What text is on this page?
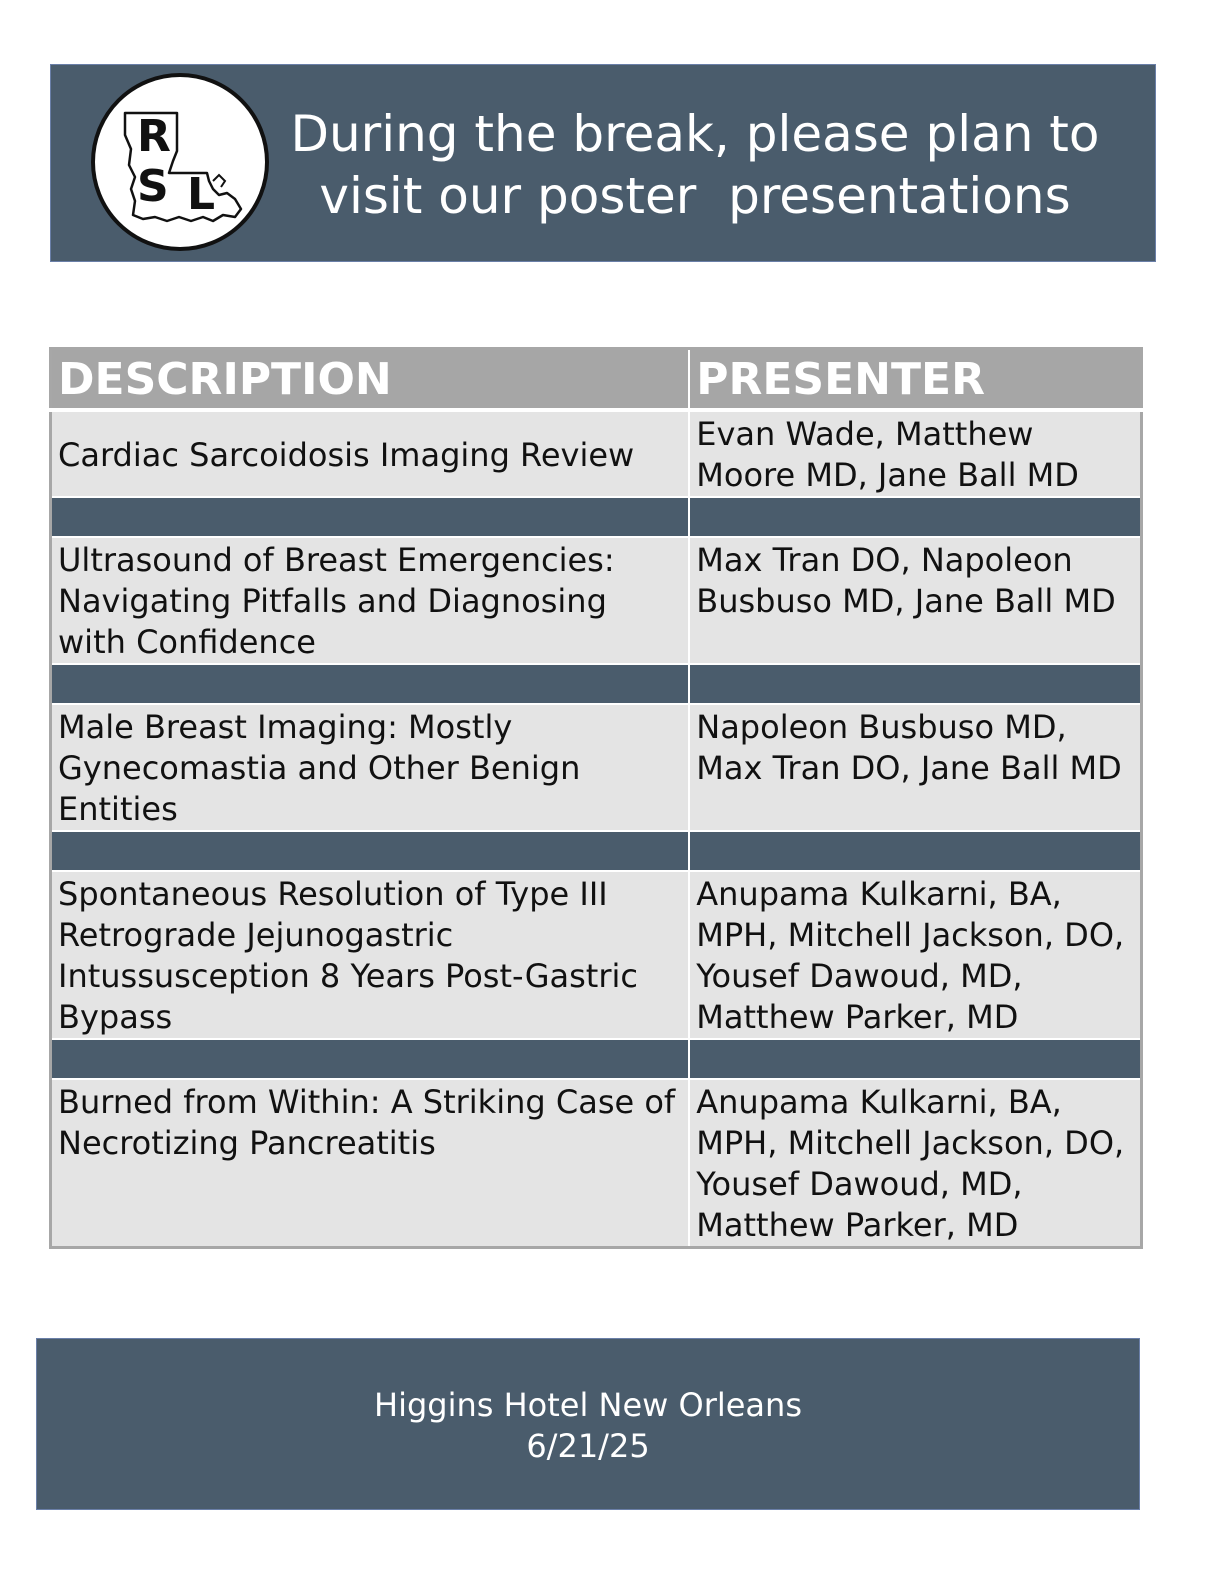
R
S L
During the break, please plan to
visit our poster  presentations
DESCRIPTION	PRESENTER
Cardiac Sarcoidosis Imaging Review	Evan Wade, Matthew Moore MD, Jane Ball MD

Ultrasound of Breast Emergencies: Navigating Pitfalls and Diagnosing with Confidence	Max Tran DO, Napoleon Busbuso MD, Jane Ball MD

Male Breast Imaging: Mostly Gynecomastia and Other Benign Entities	Napoleon Busbuso MD, Max Tran DO, Jane Ball MD

Spontaneous Resolution of Type III Retrograde Jejunogastric Intussusception 8 Years Post-Gastric Bypass	Anupama Kulkarni, BA, MPH, Mitchell Jackson, DO, Yousef Dawoud, MD, Matthew Parker, MD

Burned from Within: A Striking Case of Necrotizing Pancreatitis	Anupama Kulkarni, BA, MPH, Mitchell Jackson, DO, Yousef Dawoud, MD, Matthew Parker, MD
Higgins Hotel New Orleans
6/21/25
